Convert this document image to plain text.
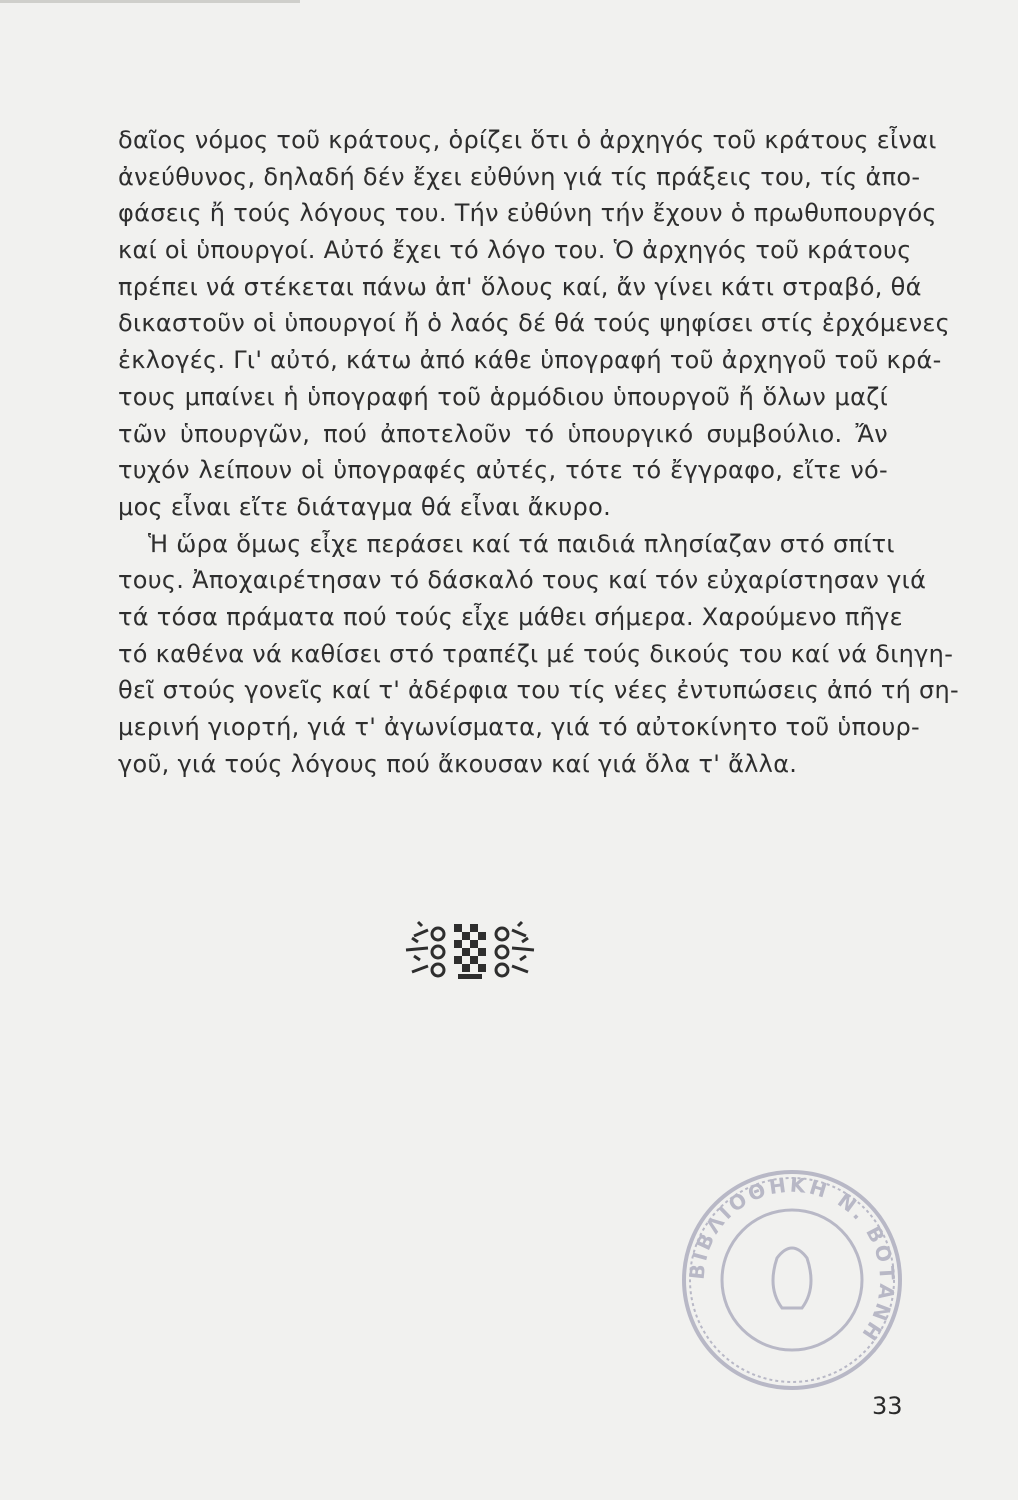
δαῖος νόμος τοῦ κράτους, ὁρίζει ὅτι ὁ ἀρχηγός τοῦ κράτους εἶναι
ἀνεύθυνος, δηλαδή δέν ἔχει εὐθύνη γιά τίς πράξεις του, τίς ἀπο-
φάσεις ἤ τούς λόγους του. Τήν εὐθύνη τήν ἔχουν ὁ πρωθυπουργός
καί οἱ ὑπουργοί. Αὐτό ἔχει τό λόγο του. Ὁ ἀρχηγός τοῦ κράτους
πρέπει νά στέκεται πάνω ἀπ' ὅλους καί, ἄν γίνει κάτι στραβό, θά
δικαστοῦν οἱ ὑπουργοί ἤ ὁ λαός δέ θά τούς ψηφίσει στίς ἐρχόμενες
ἐκλογές. Γι' αὐτό, κάτω ἀπό κάθε ὑπογραφή τοῦ ἀρχηγοῦ τοῦ κρά-
τους μπαίνει ἡ ὑπογραφή τοῦ ἁρμόδιου ὑπουργοῦ ἤ ὅλων μαζί
τῶν ὑπουργῶν, πού ἀποτελοῦν τό ὑπουργικό συμβούλιο. Ἄν
τυχόν λείπουν οἱ ὑπογραφές αὐτές, τότε τό ἔγγραφο, εἴτε νό-
μος εἶναι εἴτε διάταγμα θά εἶναι ἄκυρο.
Ἡ ὥρα ὅμως εἶχε περάσει καί τά παιδιά πλησίαζαν στό σπίτι
τους. Ἀποχαιρέτησαν τό δάσκαλό τους καί τόν εὐχαρίστησαν γιά
τά τόσα πράματα πού τούς εἶχε μάθει σήμερα. Χαρούμενο πῆγε
τό καθένα νά καθίσει στό τραπέζι μέ τούς δικούς του καί νά διηγη-
θεῖ στούς γονεῖς καί τ' ἀδέρφια του τίς νέες ἐντυπώσεις ἀπό τή ση-
μερινή γιορτή, γιά τ' ἀγωνίσματα, γιά τό αὐτοκίνητο τοῦ ὑπουρ-
γοῦ, γιά τούς λόγους πού ἄκουσαν καί γιά ὅλα τ' ἄλλα.
ΒΙΒΛΙΟΘΗΚΗ Ν. ΒΟΤΑΝΗ
33
